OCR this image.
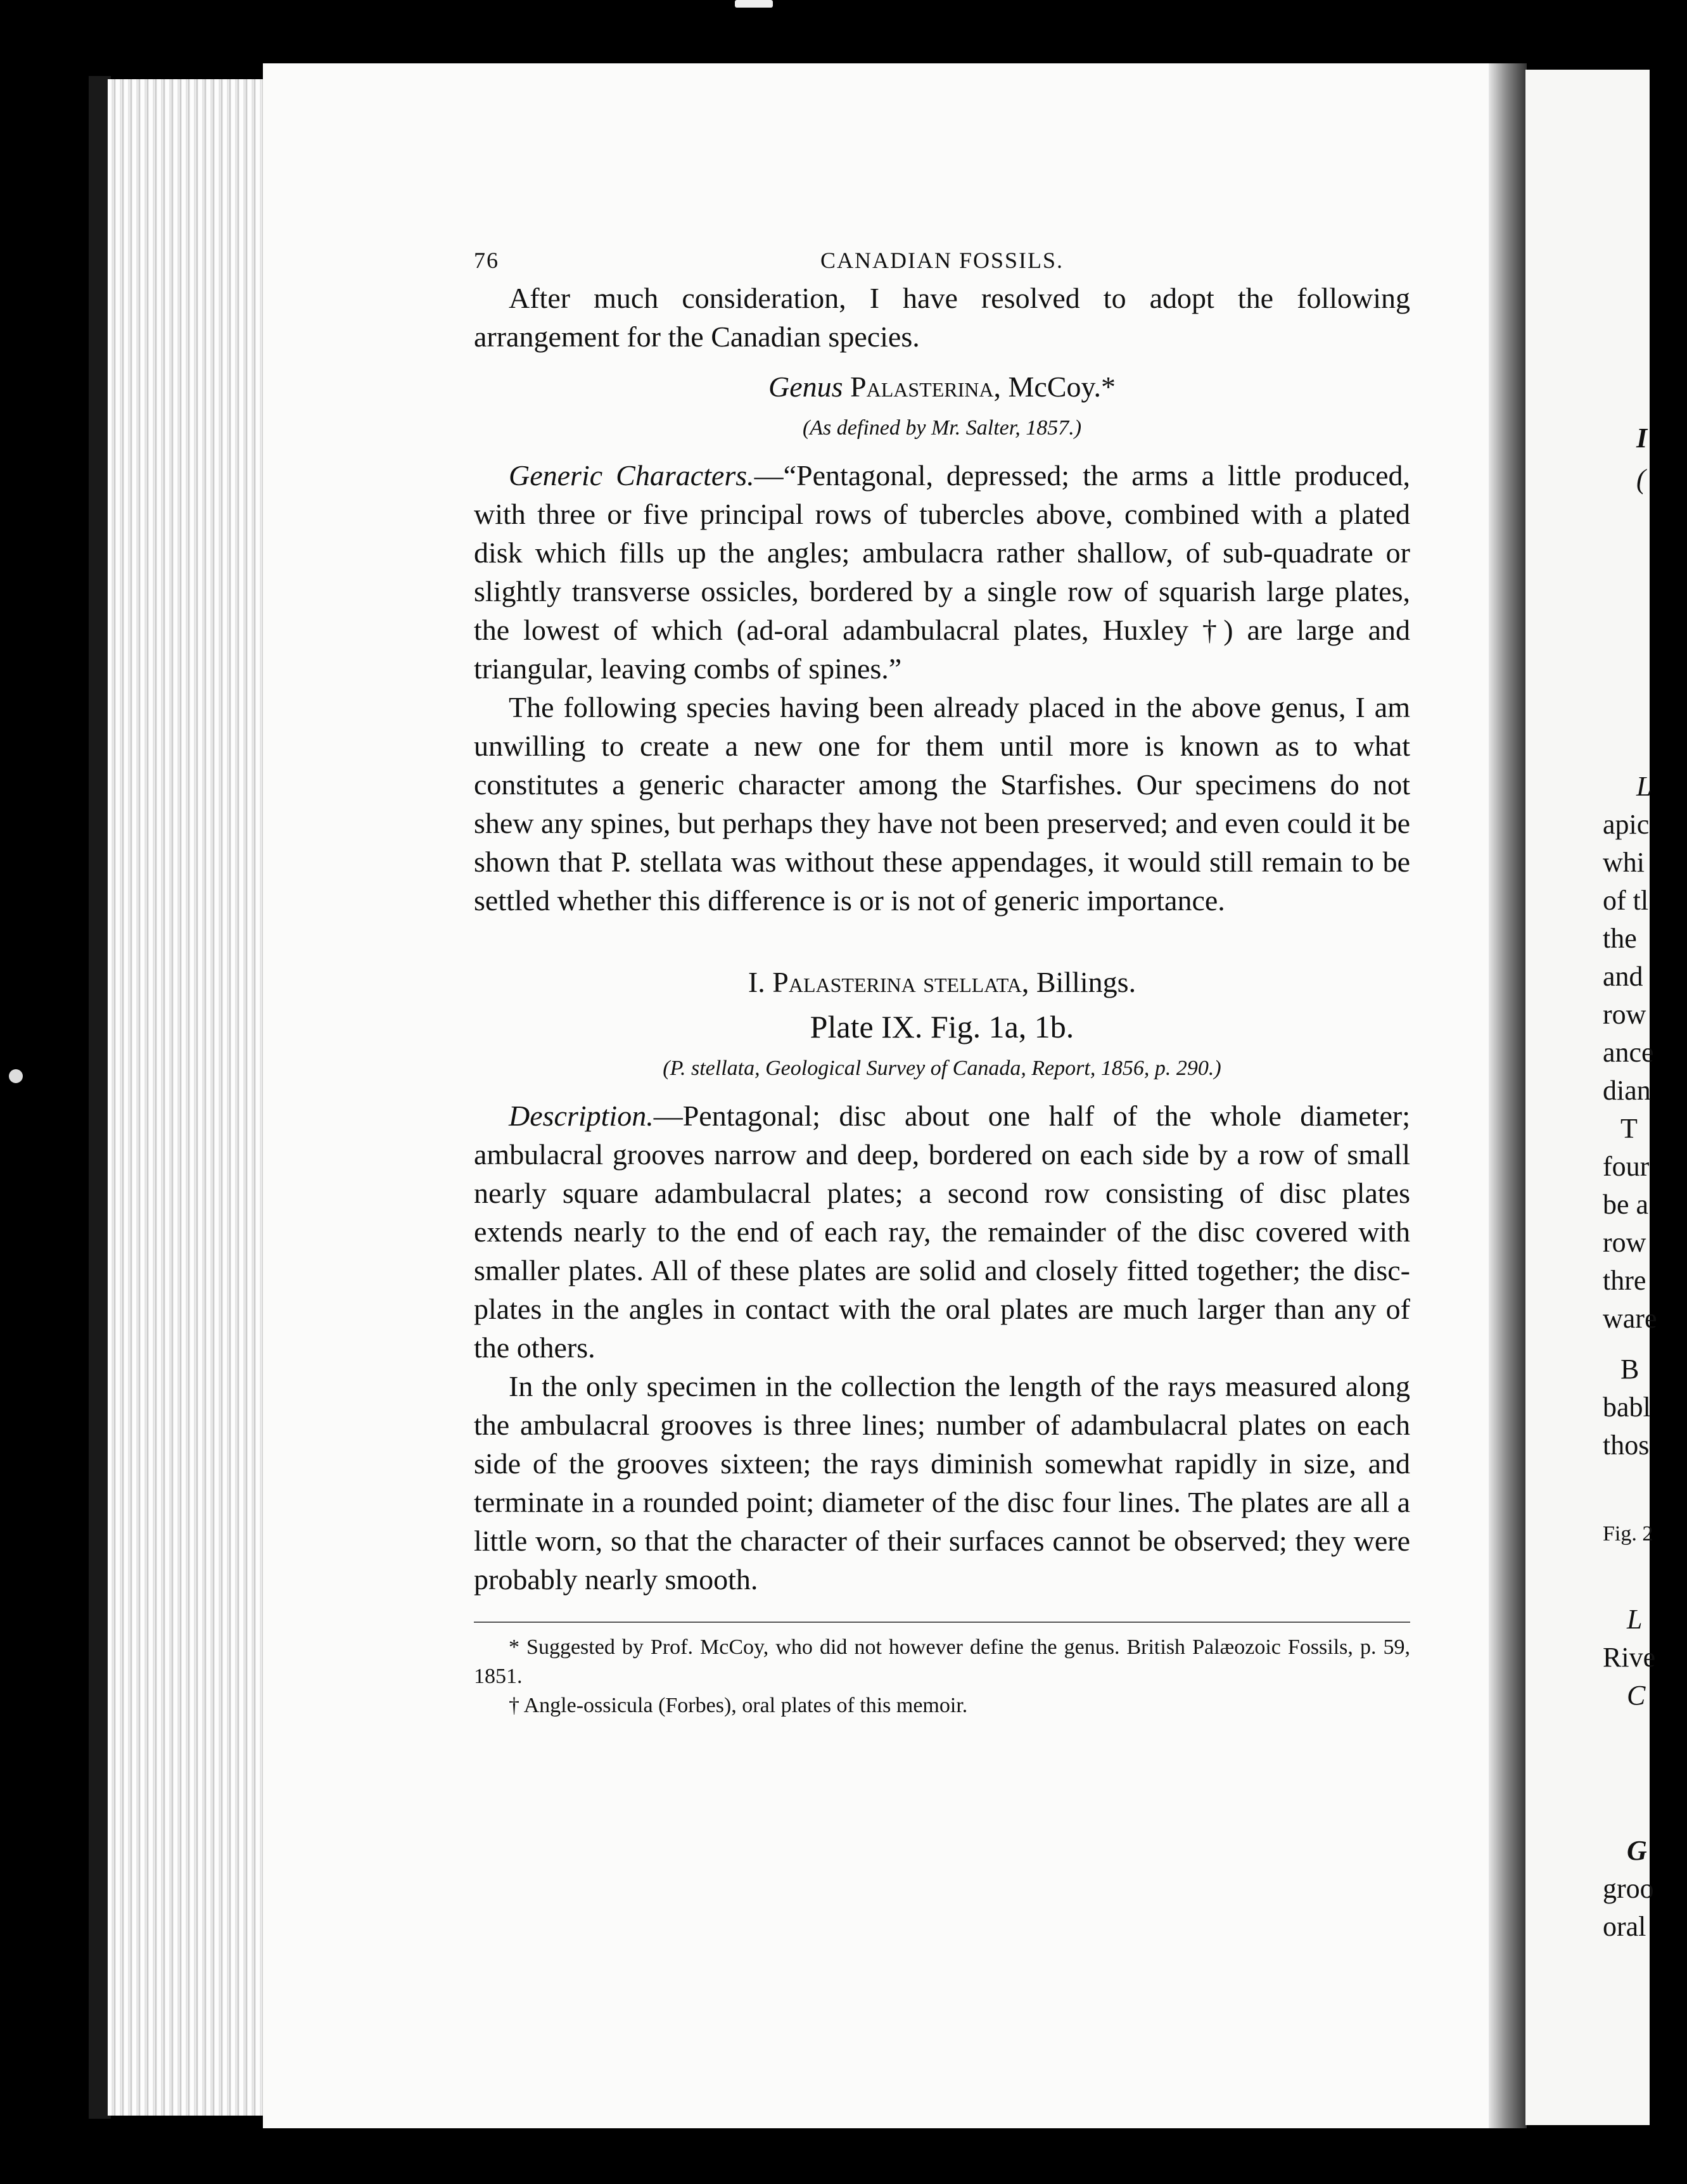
I
(
L
apic
whi
of tl
the
and
row
ance
dian
T
four
be a
row
thre
ware
B
babl
thos
Fig. 2
L
Rive
C
G
groo
oral
76	CANADIAN FOSSILS.

After much consideration, I have resolved to adopt the following arrangement for the Canadian species.

Genus Palasterina, McCoy.*

(As defined by Mr. Salter, 1857.)

Generic Characters.—“Pentagonal, depressed; the arms a little produced, with three or five principal rows of tubercles above, combined with a plated disk which fills up the angles; ambulacra rather shallow, of sub-quadrate or slightly transverse ossicles, bordered by a single row of squarish large plates, the lowest of which (ad-oral adambulacral plates, Huxley †) are large and triangular, leaving combs of spines.”

The following species having been already placed in the above genus, I am unwilling to create a new one for them until more is known as to what constitutes a generic character among the Starfishes. Our specimens do not shew any spines, but perhaps they have not been preserved; and even could it be shown that P. stellata was without these appendages, it would still remain to be settled whether this difference is or is not of generic importance.

I. Palasterina stellata, Billings.

Plate IX. Fig. 1a, 1b.

(P. stellata, Geological Survey of Canada, Report, 1856, p. 290.)

Description.—Pentagonal; disc about one half of the whole diameter; ambulacral grooves narrow and deep, bordered on each side by a row of small nearly square adambulacral plates; a second row consisting of disc plates extends nearly to the end of each ray, the remainder of the disc covered with smaller plates. All of these plates are solid and closely fitted together; the disc-plates in the angles in contact with the oral plates are much larger than any of the others.

In the only specimen in the collection the length of the rays measured along the ambulacral grooves is three lines; number of adambulacral plates on each side of the grooves sixteen; the rays diminish somewhat rapidly in size, and terminate in a rounded point; diameter of the disc four lines. The plates are all a little worn, so that the character of their surfaces cannot be observed; they were probably nearly smooth.

* Suggested by Prof. McCoy, who did not however define the genus. British Palæozoic Fossils, p. 59, 1851.

† Angle-ossicula (Forbes), oral plates of this memoir.
